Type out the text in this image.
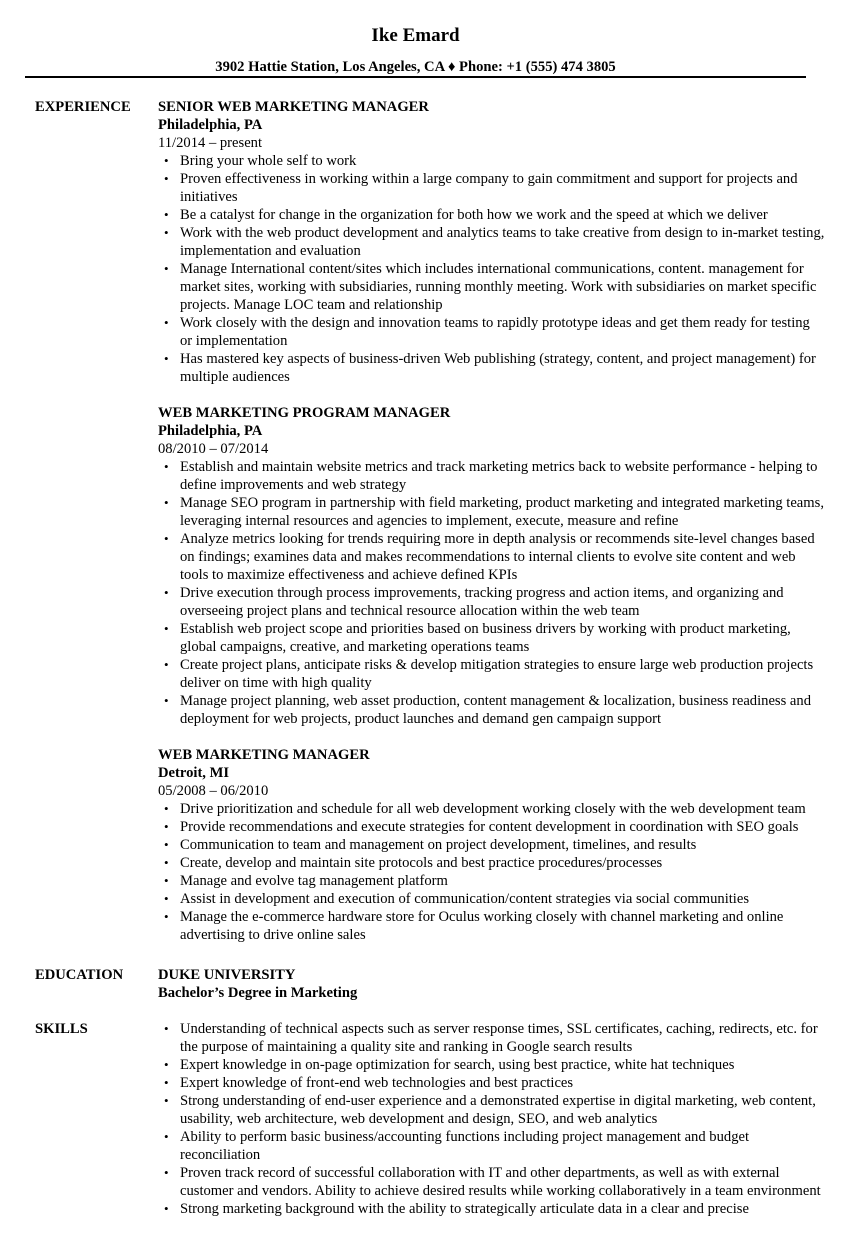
Ike Emard
3902 Hattie Station, Los Angeles, CA ♦ Phone: +1 (555) 474 3805
EXPERIENCE	SENIOR WEB MARKETING MANAGER
Philadelphia, PA
11/2014 – present
• Bring your whole self to work
• Proven effectiveness in working within a large company to gain commitment and support for projects and initiatives
• Be a catalyst for change in the organization for both how we work and the speed at which we deliver
• Work with the web product development and analytics teams to take creative from design to in-market testing, implementation and evaluation
• Manage International content/sites which includes international communications, content. management for market sites, working with subsidiaries, running monthly meeting. Work with subsidiaries on market specific projects. Manage LOC team and relationship
• Work closely with the design and innovation teams to rapidly prototype ideas and get them ready for testing or implementation
• Has mastered key aspects of business-driven Web publishing (strategy, content, and project management) for multiple audiences
WEB MARKETING PROGRAM MANAGER
Philadelphia, PA
08/2010 – 07/2014
• Establish and maintain website metrics and track marketing metrics back to website performance - helping to define improvements and web strategy
• Manage SEO program in partnership with field marketing, product marketing and integrated marketing teams, leveraging internal resources and agencies to implement, execute, measure and refine
• Analyze metrics looking for trends requiring more in depth analysis or recommends site-level changes based on findings; examines data and makes recommendations to internal clients to evolve site content and web tools to maximize effectiveness and achieve defined KPIs
• Drive execution through process improvements, tracking progress and action items, and organizing and overseeing project plans and technical resource allocation within the web team
• Establish web project scope and priorities based on business drivers by working with product marketing, global campaigns, creative, and marketing operations teams
• Create project plans, anticipate risks & develop mitigation strategies to ensure large web production projects deliver on time with high quality
• Manage project planning, web asset production, content management & localization, business readiness and deployment for web projects, product launches and demand gen campaign support
WEB MARKETING MANAGER
Detroit, MI
05/2008 – 06/2010
• Drive prioritization and schedule for all web development working closely with the web development team
• Provide recommendations and execute strategies for content development in coordination with SEO goals
• Communication to team and management on project development, timelines, and results
• Create, develop and maintain site protocols and best practice procedures/processes
• Manage and evolve tag management platform
• Assist in development and execution of communication/content strategies via social communities
• Manage the e-commerce hardware store for Oculus working closely with channel marketing and online advertising to drive online sales
EDUCATION	DUKE UNIVERSITY
Bachelor’s Degree in Marketing
SKILLS	• Understanding of technical aspects such as server response times, SSL certificates, caching, redirects, etc. for the purpose of maintaining a quality site and ranking in Google search results
• Expert knowledge in on-page optimization for search, using best practice, white hat techniques
• Expert knowledge of front-end web technologies and best practices
• Strong understanding of end-user experience and a demonstrated expertise in digital marketing, web content, usability, web architecture, web development and design, SEO, and web analytics
• Ability to perform basic business/accounting functions including project management and budget reconciliation
• Proven track record of successful collaboration with IT and other departments, as well as with external customer and vendors. Ability to achieve desired results while working collaboratively in a team environment
• Strong marketing background with the ability to strategically articulate data in a clear and precise
